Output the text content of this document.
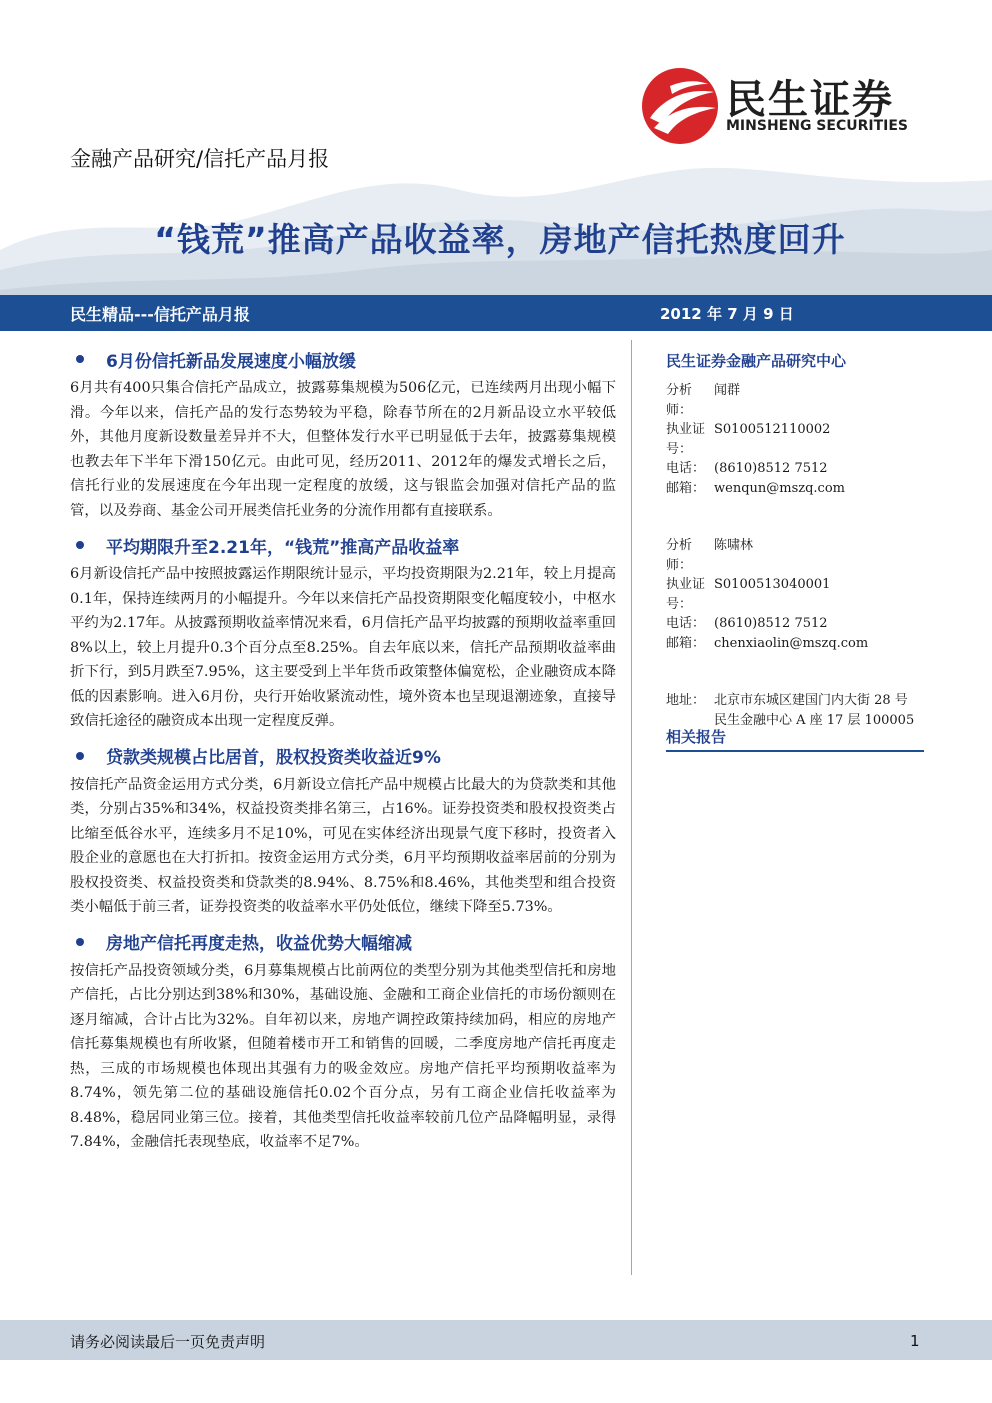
民生证券
MINSHENG SECURITIES
金融产品研究/信托产品月报
“钱荒”推高产品收益率，房地产信托热度回升
民生精品---信托产品月报	2012 年 7 月 9 日
6月份信托新品发展速度小幅放缓

6月共有400只集合信托产品成立，披露募集规模为506亿元，已连续两月出现小幅下滑。今年以来，信托产品的发行态势较为平稳，除春节所在的2月新品设立水平较低外，其他月度新设数量差异并不大，但整体发行水平已明显低于去年，披露募集规模也教去年下半年下滑150亿元。由此可见，经历2011、2012年的爆发式增长之后，信托行业的发展速度在今年出现一定程度的放缓，这与银监会加强对信托产品的监管，以及券商、基金公司开展类信托业务的分流作用都有直接联系。

平均期限升至2.21年，“钱荒”推高产品收益率

6月新设信托产品中按照披露运作期限统计显示，平均投资期限为2.21年，较上月提高0.1年，保持连续两月的小幅提升。今年以来信托产品投资期限变化幅度较小，中枢水平约为2.17年。从披露预期收益率情况来看，6月信托产品平均披露的预期收益率重回8%以上，较上月提升0.3个百分点至8.25%。自去年底以来，信托产品预期收益率曲折下行，到5月跌至7.95%，这主要受到上半年货币政策整体偏宽松，企业融资成本降低的因素影响。进入6月份，央行开始收紧流动性，境外资本也呈现退潮迹象，直接导致信托途径的融资成本出现一定程度反弹。

贷款类规模占比居首，股权投资类收益近9%

按信托产品资金运用方式分类，6月新设立信托产品中规模占比最大的为贷款类和其他类，分别占35%和34%，权益投资类排名第三，占16%。证券投资类和股权投资类占比缩至低谷水平，连续多月不足10%，可见在实体经济出现景气度下移时，投资者入股企业的意愿也在大打折扣。按资金运用方式分类，6月平均预期收益率居前的分别为股权投资类、权益投资类和贷款类的8.94%、8.75%和8.46%，其他类型和组合投资类小幅低于前三者，证券投资类的收益率水平仍处低位，继续下降至5.73%。

房地产信托再度走热，收益优势大幅缩减

按信托产品投资领域分类，6月募集规模占比前两位的类型分别为其他类型信托和房地产信托，占比分别达到38%和30%，基础设施、金融和工商企业信托的市场份额则在逐月缩减，合计占比为32%。自年初以来，房地产调控政策持续加码，相应的房地产信托募集规模也有所收紧，但随着楼市开工和销售的回暖，二季度房地产信托再度走热，三成的市场规模也体现出其强有力的吸金效应。房地产信托平均预期收益率为8.74%，领先第二位的基础设施信托0.02个百分点，另有工商企业信托收益率为8.48%，稳居同业第三位。接着，其他类型信托收益率较前几位产品降幅明显，录得7.84%，金融信托表现垫底，收益率不足7%。

民生证券金融产品研究中心
分析师：
闻群
执业证号：
S0100512110002
电话： (8610)8512 7512
邮箱： wenqun@mszq.com
分析师：
陈啸林
执业证号：
S0100513040001
电话： (8610)8512 7512
邮箱： chenxiaolin@mszq.com
地址： 北京市东城区建国门内大街 28 号
民生金融中心 A 座 17 层 100005
相关报告
请务必阅读最后一页免责声明	1
